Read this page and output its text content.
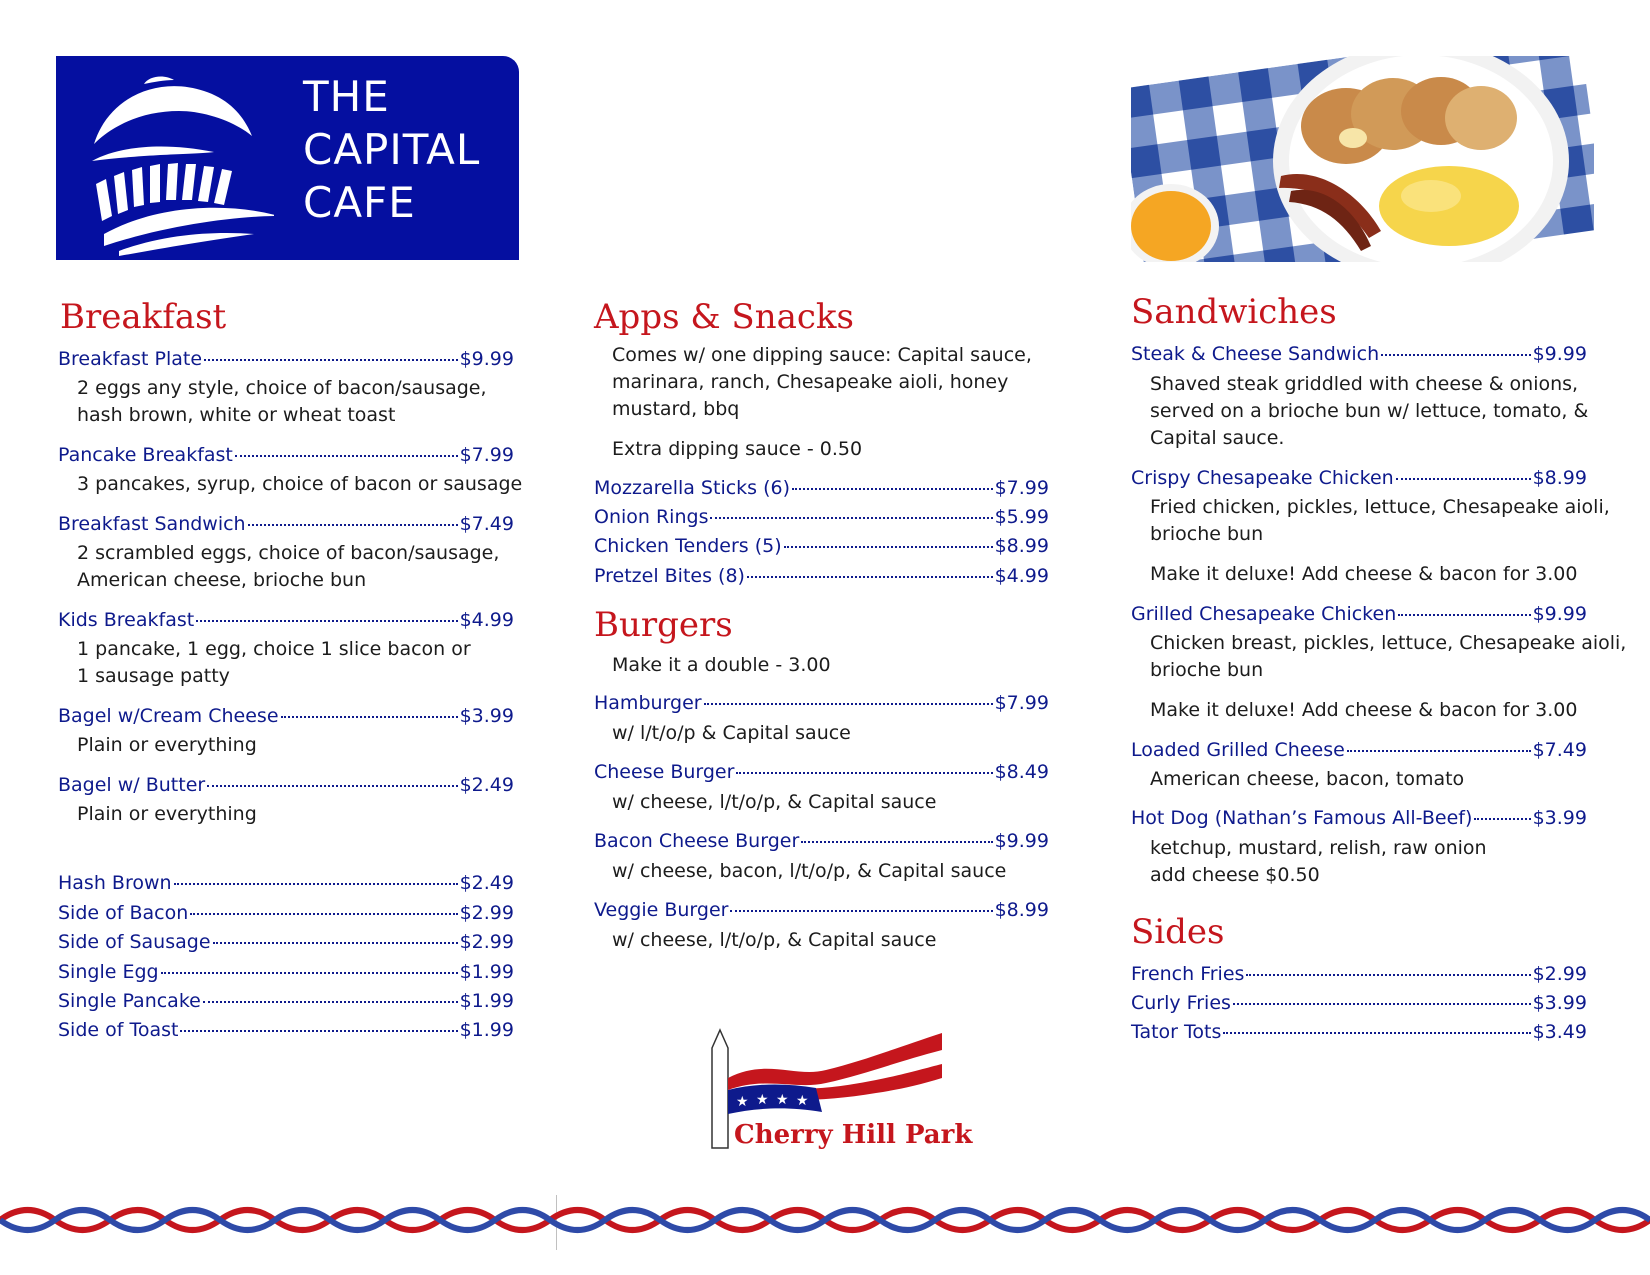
THE
CAPITAL
CAFE
Breakfast
Breakfast Plate	$9.99
2 eggs any style, choice of bacon/sausage,
hash brown, white or wheat toast
Pancake Breakfast	$7.99
3 pancakes, syrup, choice of bacon or sausage
Breakfast Sandwich	$7.49
2 scrambled eggs, choice of bacon/sausage,
American cheese, brioche bun
Kids Breakfast	$4.99
1 pancake, 1 egg, choice 1 slice bacon or
1 sausage patty
Bagel w/Cream Cheese	$3.99
Plain or everything
Bagel w/ Butter	$2.49
Plain or everything
Hash Brown	$2.49
Side of Bacon	$2.99
Side of Sausage	$2.99
Single Egg	$1.99
Single Pancake	$1.99
Side of Toast	$1.99
Apps & Snacks
Comes w/ one dipping sauce: Capital sauce,
marinara, ranch, Chesapeake aioli, honey
mustard, bbq
Extra dipping sauce - 0.50
Mozzarella Sticks (6)	$7.99
Onion Rings	$5.99
Chicken Tenders (5)	$8.99
Pretzel Bites (8)	$4.99
Burgers
Make it a double - 3.00
Hamburger	$7.99
w/ l/t/o/p & Capital sauce
Cheese Burger	$8.49
w/ cheese, l/t/o/p, & Capital sauce
Bacon Cheese Burger	$9.99
w/ cheese, bacon, l/t/o/p, & Capital sauce
Veggie Burger	$8.99
w/ cheese, l/t/o/p, & Capital sauce
Sandwiches
Steak & Cheese Sandwich	$9.99
Shaved steak griddled with cheese & onions,
served on a brioche bun w/ lettuce, tomato, &
Capital sauce.
Crispy Chesapeake Chicken	$8.99
Fried chicken, pickles, lettuce, Chesapeake aioli,
brioche bun
Make it deluxe! Add cheese & bacon for 3.00
Grilled Chesapeake Chicken	$9.99
Chicken breast, pickles, lettuce, Chesapeake aioli,
brioche bun
Make it deluxe! Add cheese & bacon for 3.00
Loaded Grilled Cheese	$7.49
American cheese, bacon, tomato
Hot Dog (Nathan’s Famous All-Beef)	$3.99
ketchup, mustard, relish, raw onion
add cheese $0.50
Sides
French Fries	$2.99
Curly Fries	$3.99
Tator Tots	$3.49
★ ★ ★ ★
Cherry Hill Park
